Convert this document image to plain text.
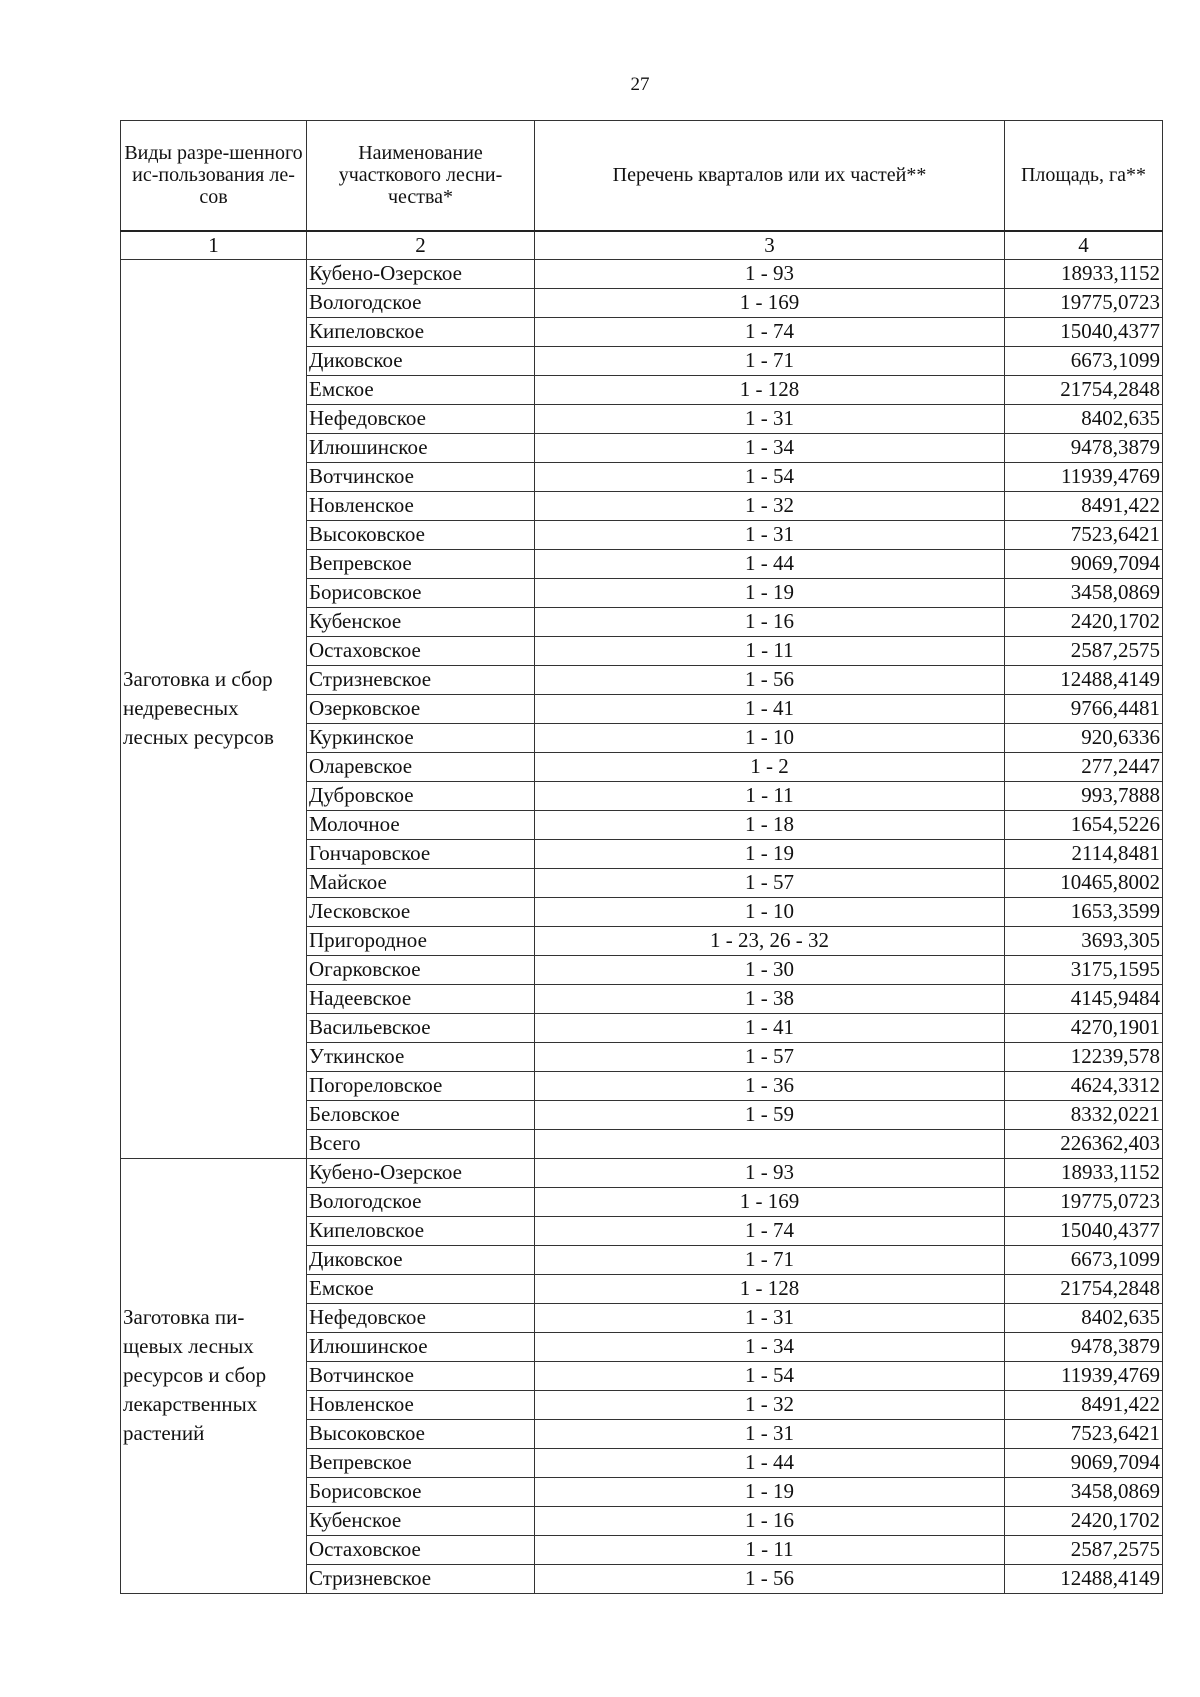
27
Виды разре-шенного ис-пользования ле-сов	Наименование участкового лесни-чества*	Перечень кварталов или их частей**	Площадь, га**
1	2	3	4
Заготовка и сбор недревесных лесных ресурсов	Кубено-Озерское	1 - 93	18933,1152
	Вологодское	1 - 169	19775,0723
	Кипеловское	1 - 74	15040,4377
	Диковское	1 - 71	6673,1099
	Емское	1 - 128	21754,2848
	Нефедовское	1 - 31	8402,635
	Илюшинское	1 - 34	9478,3879
	Вотчинское	1 - 54	11939,4769
	Новленское	1 - 32	8491,422
	Высоковское	1 - 31	7523,6421
	Вепревское	1 - 44	9069,7094
	Борисовское	1 - 19	3458,0869
	Кубенское	1 - 16	2420,1702
	Остаховское	1 - 11	2587,2575
	Стризневское	1 - 56	12488,4149
	Озерковское	1 - 41	9766,4481
	Куркинское	1 - 10	920,6336
	Оларевское	1 - 2	277,2447
	Дубровское	1 - 11	993,7888
	Молочное	1 - 18	1654,5226
	Гончаровское	1 - 19	2114,8481
	Майское	1 - 57	10465,8002
	Лесковское	1 - 10	1653,3599
	Пригородное	1 - 23, 26 - 32	3693,305
	Огарковское	1 - 30	3175,1595
	Надеевское	1 - 38	4145,9484
	Васильевское	1 - 41	4270,1901
	Уткинское	1 - 57	12239,578
	Погореловское	1 - 36	4624,3312
	Беловское	1 - 59	8332,0221
	Всего		226362,403
Заготовка пи-щевых лесных ресурсов и сбор лекарственных растений	Кубено-Озерское	1 - 93	18933,1152
	Вологодское	1 - 169	19775,0723
	Кипеловское	1 - 74	15040,4377
	Диковское	1 - 71	6673,1099
	Емское	1 - 128	21754,2848
	Нефедовское	1 - 31	8402,635
	Илюшинское	1 - 34	9478,3879
	Вотчинское	1 - 54	11939,4769
	Новленское	1 - 32	8491,422
	Высоковское	1 - 31	7523,6421
	Вепревское	1 - 44	9069,7094
	Борисовское	1 - 19	3458,0869
	Кубенское	1 - 16	2420,1702
	Остаховское	1 - 11	2587,2575
	Стризневское	1 - 56	12488,4149
